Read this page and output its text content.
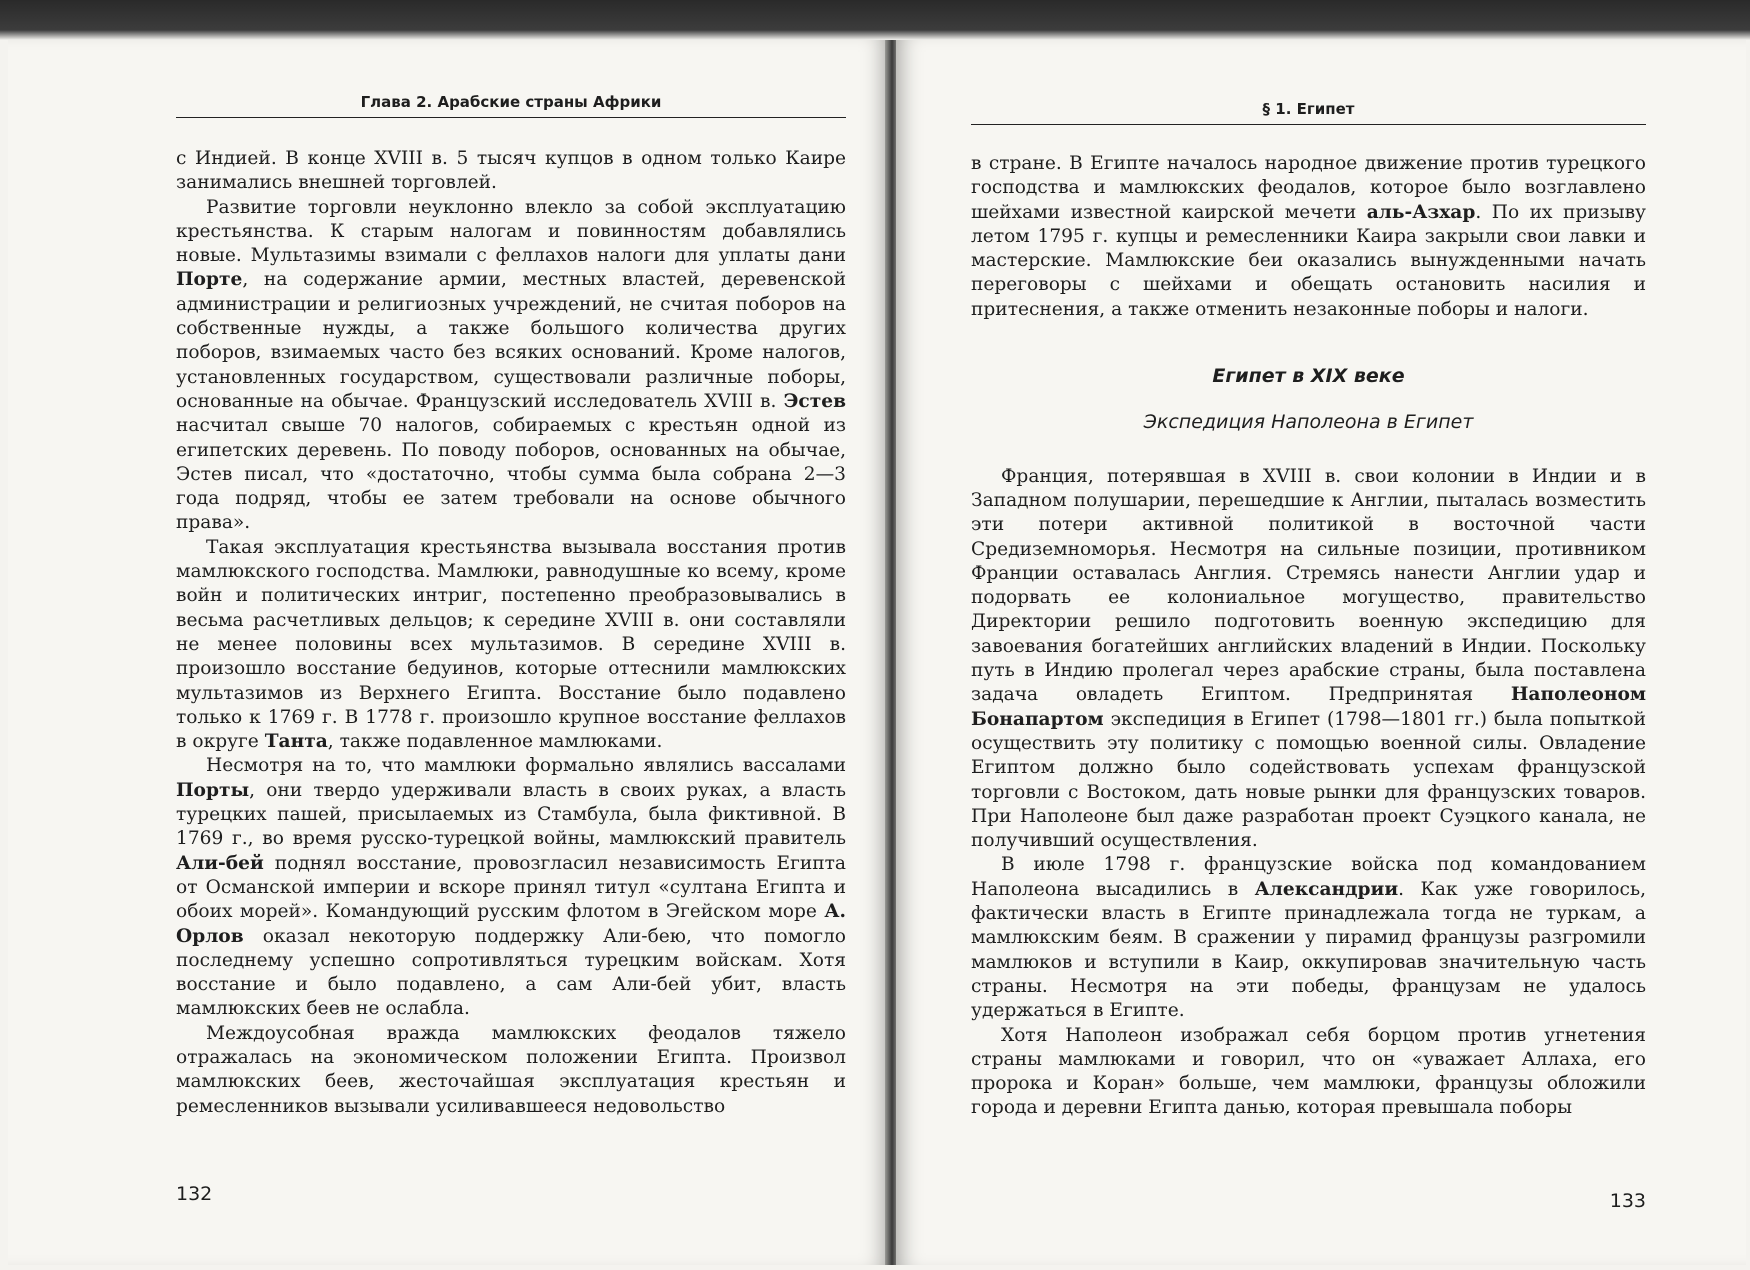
Глава 2. Арабские страны Африки

с Индией. В конце XVIII в. 5 тысяч купцов в одном только Каире занимались внешней торговлей.

Развитие торговли неуклонно влекло за собой эксплуатацию крестьянства. К старым налогам и повинностям добавлялись новые. Мультазимы взимали с феллахов налоги для уплаты дани Порте, на содержание армии, местных властей, деревенской администрации и религиозных учреждений, не считая поборов на собственные нужды, а также большого количества других поборов, взимаемых часто без всяких оснований. Кроме налогов, установленных государством, существовали различные поборы, основанные на обычае. Французский исследователь XVIII в. Эстев насчитал свыше 70 налогов, собираемых с крестьян одной из египетских деревень. По поводу поборов, основанных на обычае, Эстев писал, что «достаточно, чтобы сумма была собрана 2—3 года подряд, чтобы ее затем требовали на основе обычного права».

Такая эксплуатация крестьянства вызывала восстания против мамлюкского господства. Мамлюки, равнодушные ко всему, кроме войн и политических интриг, постепенно преобразовывались в весьма расчетливых дельцов; к середине XVIII в. они составляли не менее половины всех мультазимов. В середине XVIII в. произошло восстание бедуинов, которые оттеснили мамлюкских мультазимов из Верхнего Египта. Восстание было подавлено только к 1769 г. В 1778 г. произошло крупное восстание феллахов в округе Танта, также подавленное мамлюками.

Несмотря на то, что мамлюки формально являлись вассалами Порты, они твердо удерживали власть в своих руках, а власть турецких пашей, присылаемых из Стамбула, была фиктивной. В 1769 г., во время русско-турецкой войны, мамлюкский правитель Али-бей поднял восстание, провозгласил независимость Египта от Османской империи и вскоре принял титул «султана Египта и обоих морей». Командующий русским флотом в Эгейском море А. Орлов оказал некоторую поддержку Али-бею, что помогло последнему успешно сопротивляться турецким войскам. Хотя восстание и было подавлено, а сам Али-бей убит, власть мамлюкских беев не ослабла.

Междоусобная вражда мамлюкских феодалов тяжело отражалась на экономическом положении Египта. Произвол мамлюкских беев, жесточайшая эксплуатация крестьян и ремесленников вызывали усиливавшееся недовольство

132
§ 1. Египет

в стране. В Египте началось народное движение против турецкого господства и мамлюкских феодалов, которое было возглавлено шейхами известной каирской мечети аль-Азхар. По их призыву летом 1795 г. купцы и ремесленники Каира закрыли свои лавки и мастерские. Мамлюкские беи оказались вынужденными начать переговоры с шейхами и обещать остановить насилия и притеснения, а также отменить незаконные поборы и налоги.

Египет в XIX веке
Экспедиция Наполеона в Египет

Франция, потерявшая в XVIII в. свои колонии в Индии и в Западном полушарии, перешедшие к Англии, пыталась возместить эти потери активной политикой в восточной части Средиземноморья. Несмотря на сильные позиции, противником Франции оставалась Англия. Стремясь нанести Англии удар и подорвать ее колониальное могущество, правительство Директории решило подготовить военную экспедицию для завоевания богатейших английских владений в Индии. Поскольку путь в Индию пролегал через арабские страны, была поставлена задача овладеть Египтом. Предпринятая Наполеоном Бонапартом экспедиция в Египет (1798—1801 гг.) была попыткой осуществить эту политику с помощью военной силы. Овладение Египтом должно было содействовать успехам французской торговли с Востоком, дать новые рынки для французских товаров. При Наполеоне был даже разработан проект Суэцкого канала, не получивший осуществления.

В июле 1798 г. французские войска под командованием Наполеона высадились в Александрии. Как уже говорилось, фактически власть в Египте принадлежала тогда не туркам, а мамлюкским беям. В сражении у пирамид французы разгромили мамлюков и вступили в Каир, оккупировав значительную часть страны. Несмотря на эти победы, французам не удалось удержаться в Египте.

Хотя Наполеон изображал себя борцом против угнетения страны мамлюками и говорил, что он «уважает Аллаха, его пророка и Коран» больше, чем мамлюки, французы обложили города и деревни Египта данью, которая превышала поборы

133
